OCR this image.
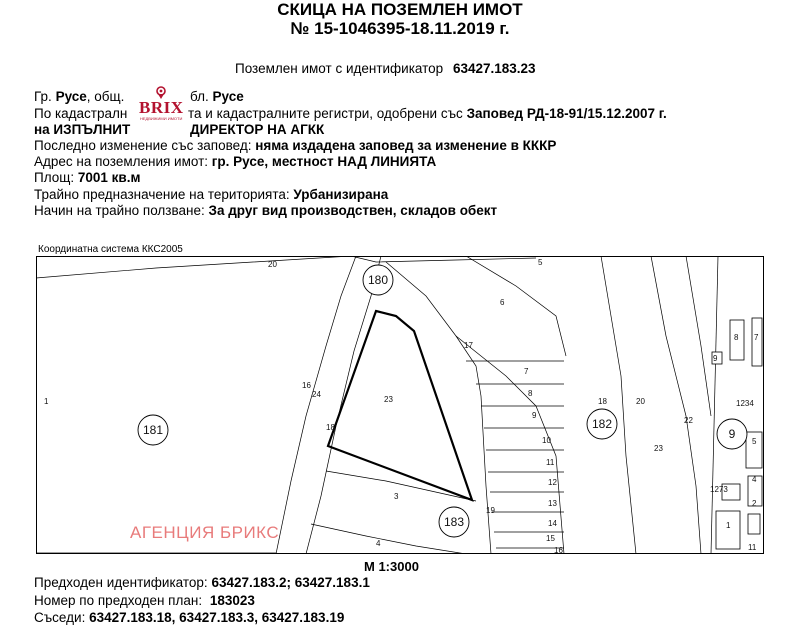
СКИЦА НА ПОЗЕМЛЕН ИМОТ
№ 15-1046395-18.11.2019 г.
Поземлен имот с идентификатор 63427.183.23
Гр. Русе, общ.	бл. Русе
По кадастралн	та и кадастралните регистри, одобрени със Заповед РД-18-91/15.12.2007 г.
на ИЗПЪЛНИТ	ДИРЕКТОР НА АГКК
Последно изменение със заповед: няма издадена заповед за изменение в КККР
Адрес на поземления имот: гр. Русе, местност НАД ЛИНИЯТА
Площ: 7001 кв.м
Трайно предназначение на територията: Урбанизирана
Начин на трайно ползване: За друг вид производствен, складов обект
BRIX
НЕДВИЖИМИ ИМОТИ
Координатна система ККС2005
180
181	182
183
9
20	5
6
17
1
24
23
18
16
3
19
4
7
8
9
10
11
12
13
14
15
16
18	20
23
22
9
8 7
1234
5
4
1273
2
1
11
АГЕНЦИЯ БРИКС
М 1:3000
Предходен идентификатор: 63427.183.2; 63427.183.1
Номер по предходен план: 183023
Съседи: 63427.183.18, 63427.183.3, 63427.183.19
